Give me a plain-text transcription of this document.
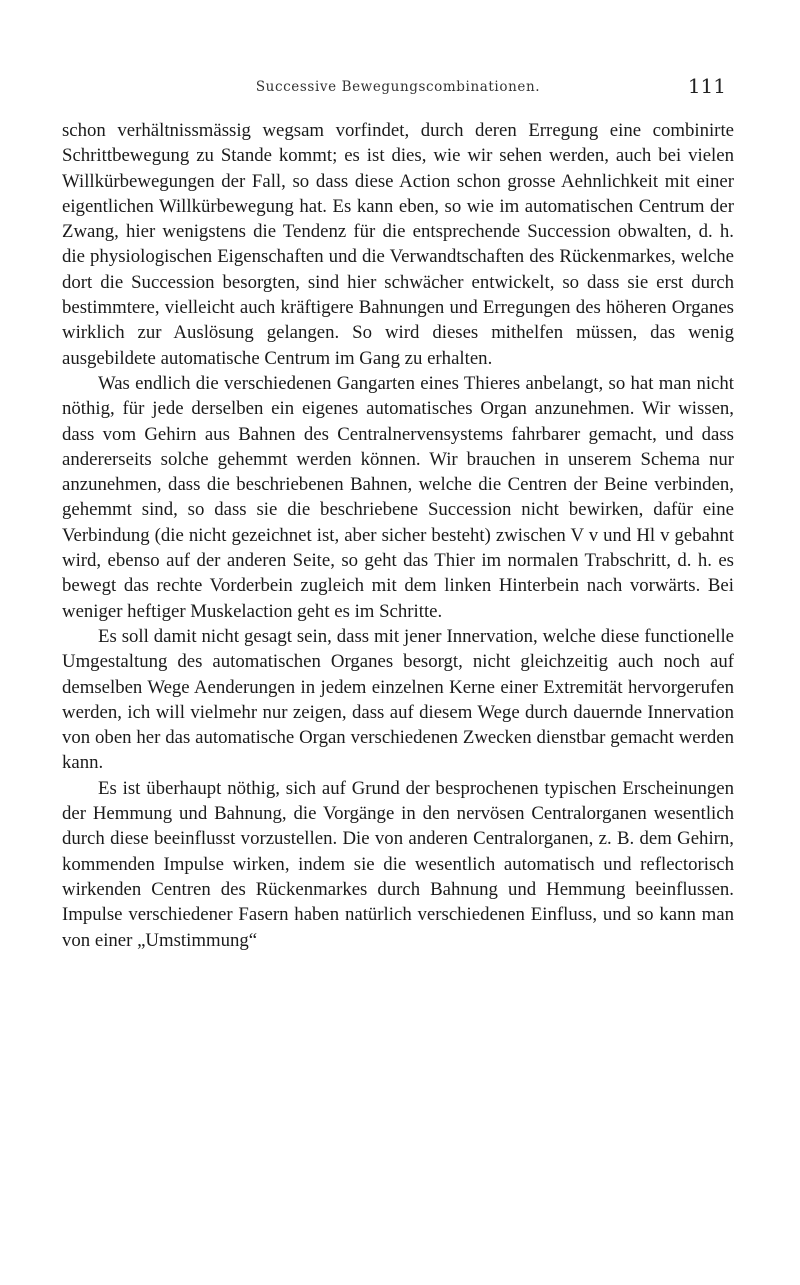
Successive Bewegungscombinationen.	111

schon verhältnissmässig wegsam vorfindet, durch deren Erregung eine combinirte Schrittbewegung zu Stande kommt; es ist dies, wie wir sehen werden, auch bei vielen Willkürbewegungen der Fall, so dass diese Action schon grosse Aehnlichkeit mit einer eigentlichen Willkürbewegung hat. Es kann eben, so wie im automatischen Centrum der Zwang, hier wenigstens die Tendenz für die entsprechende Succession obwalten, d. h. die physiologischen Eigenschaften und die Verwandtschaften des Rückenmarkes, welche dort die Succession besorgten, sind hier schwächer entwickelt, so dass sie erst durch bestimmtere, vielleicht auch kräftigere Bahnungen und Erregungen des höheren Organes wirklich zur Auslösung gelangen. So wird dieses mithelfen müssen, das wenig ausgebildete automatische Centrum im Gang zu erhalten.

Was endlich die verschiedenen Gangarten eines Thieres anbelangt, so hat man nicht nöthig, für jede derselben ein eigenes automatisches Organ anzunehmen. Wir wissen, dass vom Gehirn aus Bahnen des Centralnervensystems fahrbarer gemacht, und dass andererseits solche gehemmt werden können. Wir brauchen in unserem Schema nur anzunehmen, dass die beschriebenen Bahnen, welche die Centren der Beine verbinden, gehemmt sind, so dass sie die beschriebene Succession nicht bewirken, dafür eine Verbindung (die nicht gezeichnet ist, aber sicher besteht) zwischen V v und Hl v gebahnt wird, ebenso auf der anderen Seite, so geht das Thier im normalen Trabschritt, d. h. es bewegt das rechte Vorderbein zugleich mit dem linken Hinterbein nach vorwärts. Bei weniger heftiger Muskelaction geht es im Schritte.

Es soll damit nicht gesagt sein, dass mit jener Innervation, welche diese functionelle Umgestaltung des automatischen Organes besorgt, nicht gleichzeitig auch noch auf demselben Wege Aenderungen in jedem einzelnen Kerne einer Extremität hervorgerufen werden, ich will vielmehr nur zeigen, dass auf diesem Wege durch dauernde Innervation von oben her das automatische Organ verschiedenen Zwecken dienstbar gemacht werden kann.

Es ist überhaupt nöthig, sich auf Grund der besprochenen typischen Erscheinungen der Hemmung und Bahnung, die Vorgänge in den nervösen Centralorganen wesentlich durch diese beeinflusst vorzustellen. Die von anderen Centralorganen, z. B. dem Gehirn, kommenden Impulse wirken, indem sie die wesentlich automatisch und reflectorisch wirkenden Centren des Rückenmarkes durch Bahnung und Hemmung beeinflussen. Impulse verschiedener Fasern haben natürlich verschiedenen Einfluss, und so kann man von einer „Umstimmung“
